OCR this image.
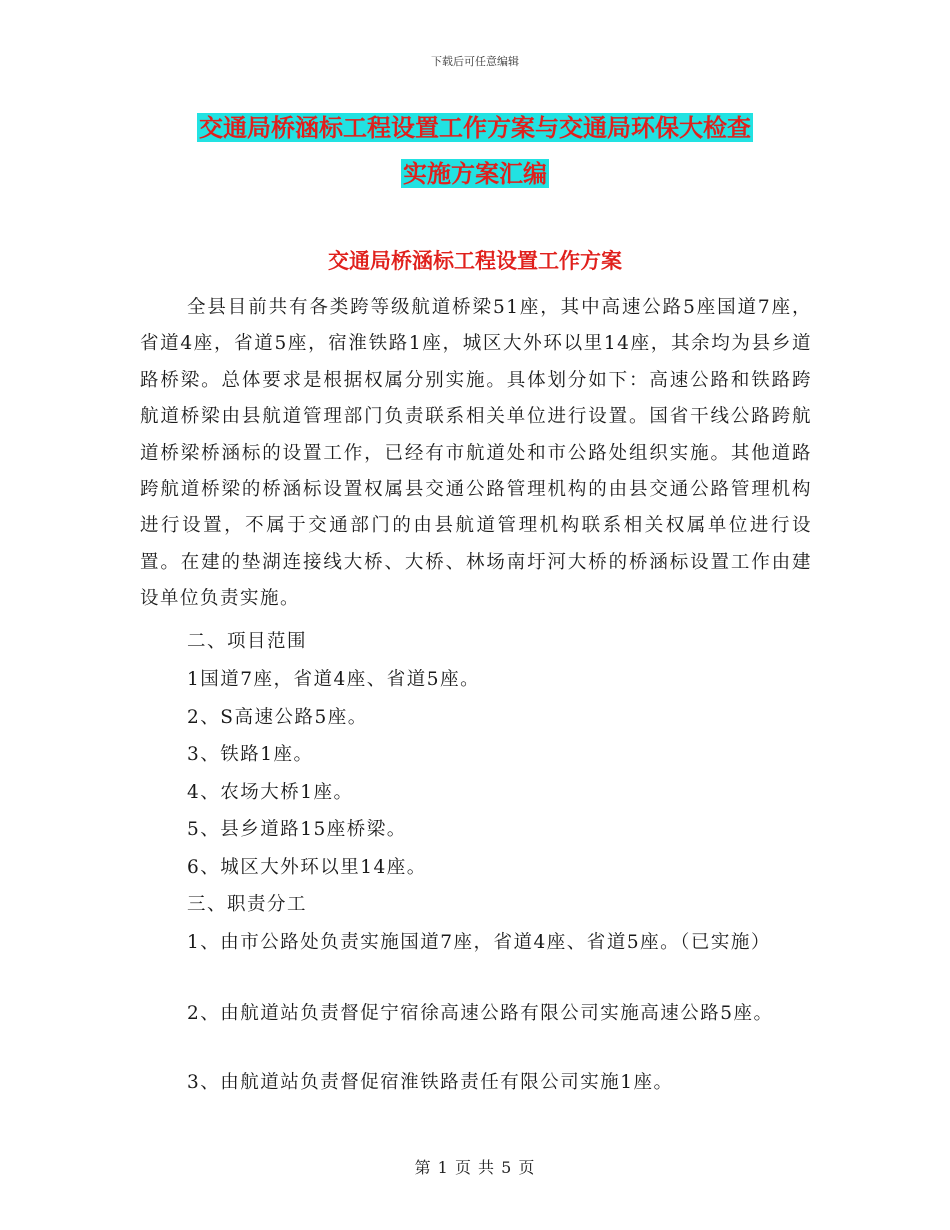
下载后可任意编辑
交通局桥涵标工程设置工作方案与交通局环保大检查
实施方案汇编
交通局桥涵标工程设置工作方案

全县目前共有各类跨等级航道桥梁51座，其中高速公路5座国道7座，省道4座，省道5座，宿淮铁路1座，城区大外环以里14座，其余均为县乡道路桥梁。总体要求是根据权属分别实施。具体划分如下：高速公路和铁路跨航道桥梁由县航道管理部门负责联系相关单位进行设置。国省干线公路跨航道桥梁桥涵标的设置工作，已经有市航道处和市公路处组织实施。其他道路跨航道桥梁的桥涵标设置权属县交通公路管理机构的由县交通公路管理机构进行设置，不属于交通部门的由县航道管理机构联系相关权属单位进行设置。在建的垫湖连接线大桥、大桥、林场南圩河大桥的桥涵标设置工作由建设单位负责实施。

二、项目范围

1国道7座，省道4座、省道5座。

2、S高速公路5座。

3、铁路1座。

4、农场大桥1座。

5、县乡道路15座桥梁。

6、城区大外环以里14座。

三、职责分工

1、由市公路处负责实施国道7座，省道4座、省道5座。（已实施）

2、由航道站负责督促宁宿徐高速公路有限公司实施高速公路5座。

3、由航道站负责督促宿淮铁路责任有限公司实施1座。

第 1 页 共 5 页
